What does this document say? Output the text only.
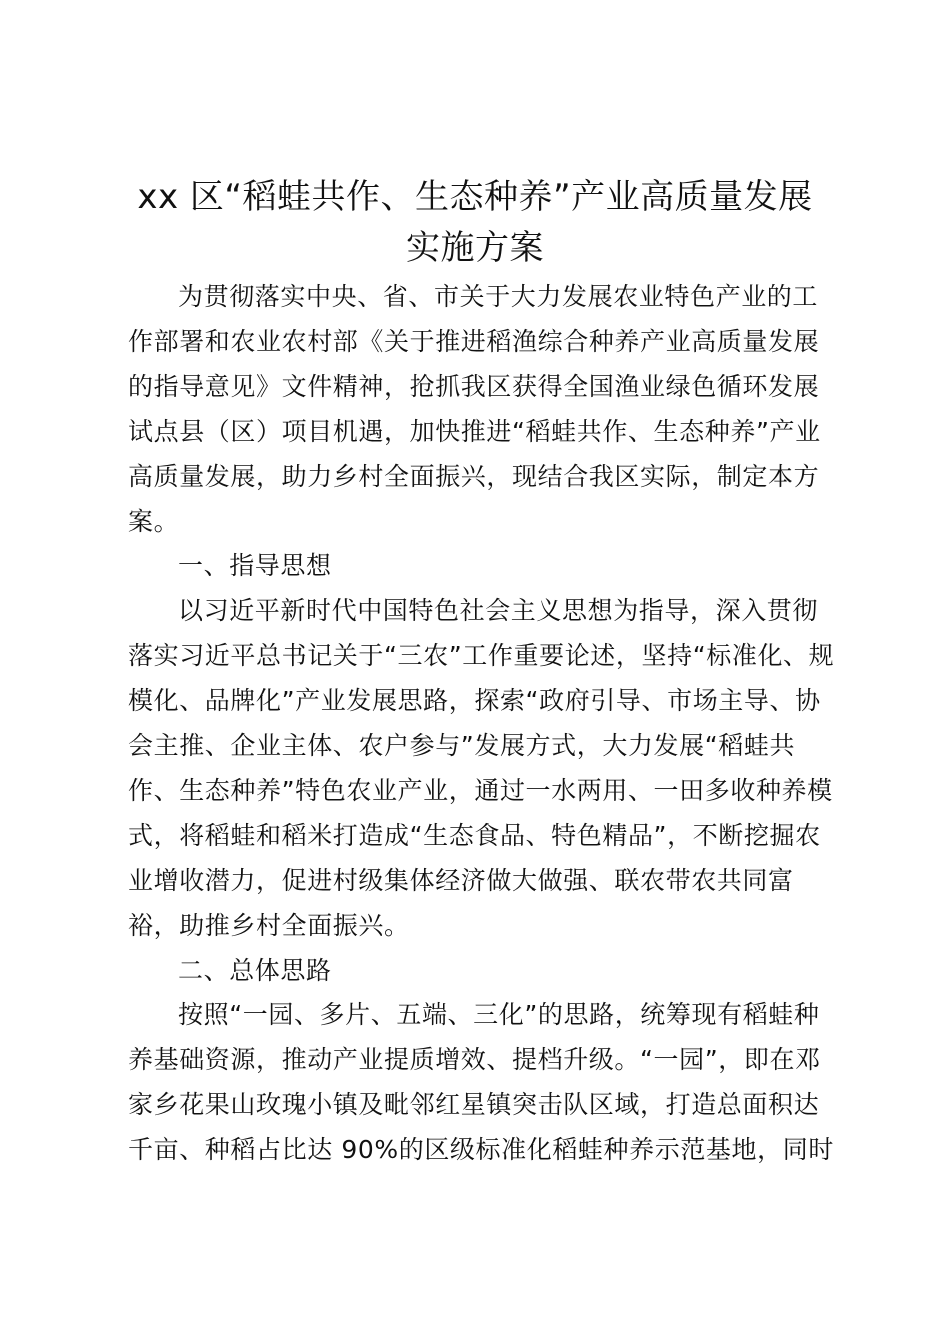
xx 区“稻蛙共作、生态种养”产业高质量发展
实施方案
为贯彻落实中央、省、市关于大力发展农业特色产业的工
作部署和农业农村部《关于推进稻渔综合种养产业高质量发展
的指导意见》文件精神，抢抓我区获得全国渔业绿色循环发展
试点县（区）项目机遇，加快推进“稻蛙共作、生态种养”产业
高质量发展，助力乡村全面振兴，现结合我区实际，制定本方
案。
一、指导思想
以习近平新时代中国特色社会主义思想为指导，深入贯彻
落实习近平总书记关于“三农”工作重要论述，坚持“标准化、规
模化、品牌化”产业发展思路，探索“政府引导、市场主导、协
会主推、企业主体、农户参与”发展方式，大力发展“稻蛙共
作、生态种养”特色农业产业，通过一水两用、一田多收种养模
式，将稻蛙和稻米打造成“生态食品、特色精品”，不断挖掘农
业增收潜力，促进村级集体经济做大做强、联农带农共同富
裕，助推乡村全面振兴。
二、总体思路
按照“一园、多片、五端、三化”的思路，统筹现有稻蛙种
养基础资源，推动产业提质增效、提档升级。“一园”，即在邓
家乡花果山玫瑰小镇及毗邻红星镇突击队区域，打造总面积达
千亩、种稻占比达 90%的区级标准化稻蛙种养示范基地，同时
